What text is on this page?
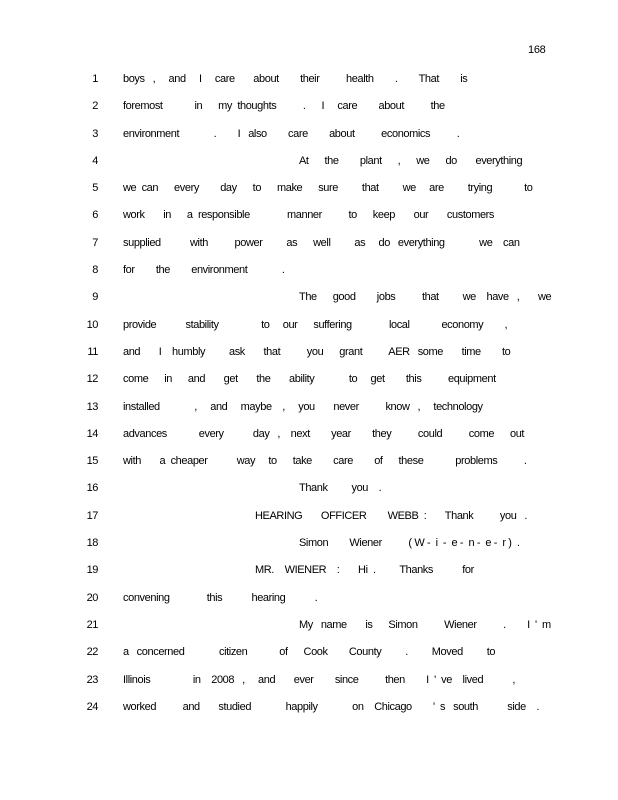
168
1 boys   ,     and     I     care       about        their          health        .        That        is
2 foremost            in      my  thoughts          .      I     care        about          the
3 environment             .        I   also        care        about          economics          .
4	At      the        plant      ,      we      do       everything
5 we  can      every        day      to      make      sure         that         we     are         trying            to
6 work       in      a  responsible              manner          to      keep       our       customers
7 supplied           with          power         as      well         as     do   everything             we    can
8 for        the        environment             .
9	The      good        jobs          that         we    have   ,       we
10 provide           stability                to     our      suffering              local            economy        ,
11 and       I    humbly         ask       that          you      grant          AER   some       time        to
12 come      in      and       get       the       ability             to     get        this          equipment
13 installed             ,     and     maybe    ,     you       never          know   ,     technology
14 advances            every           day   ,    next        year        they          could          come      out
15 with       a  cheaper           way     to      take        care        of      these            problems          .
16	Thank         you    .
17	HEARING       OFFICER        WEBB  :       Thank          you   .
18	Simon        Wiener          ( W -  i  -  e -  n -  e -  r )  .
19	MR.    WIENER    :       Hi  .         Thanks           for
20 convening              this           hearing           .
21	My   name       is      Simon          Wiener          .        I  '  m
22 a   concerned             citizen            of      Cook        County         .         Moved         to
23 Illinois                in    2008   ,     and       ever        since          then        I  '  ve    lived           ,
24 worked          and       studied             happily             on    Chicago        '  s   south           side    .
